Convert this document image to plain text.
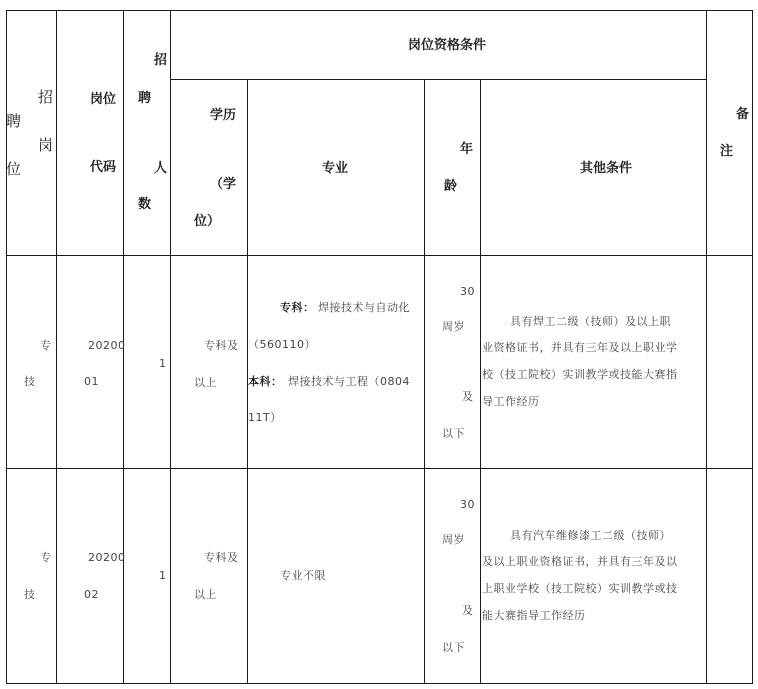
招
聘
岗
位
岗位
代码
招
聘
人
数
岗位资格条件
学历
（学
位）
专业
年
龄
其他条件
备
注
专
技
20200
01
1
专科及
以上
专科： 焊接技术与自动化
（560110）
本科： 焊接技术与工程（0804
11T）
30
周岁
及
以下
具有焊工二级（技师）及以上职
业资格证书，并具有三年及以上职业学
校（技工院校）实训教学或技能大赛指
导工作经历
专
技
20200
02
1
专科及
以上
专业不限
30
周岁
及
以下
具有汽车维修漆工二级（技师）
及以上职业资格证书，并具有三年及以
上职业学校（技工院校）实训教学或技
能大赛指导工作经历
